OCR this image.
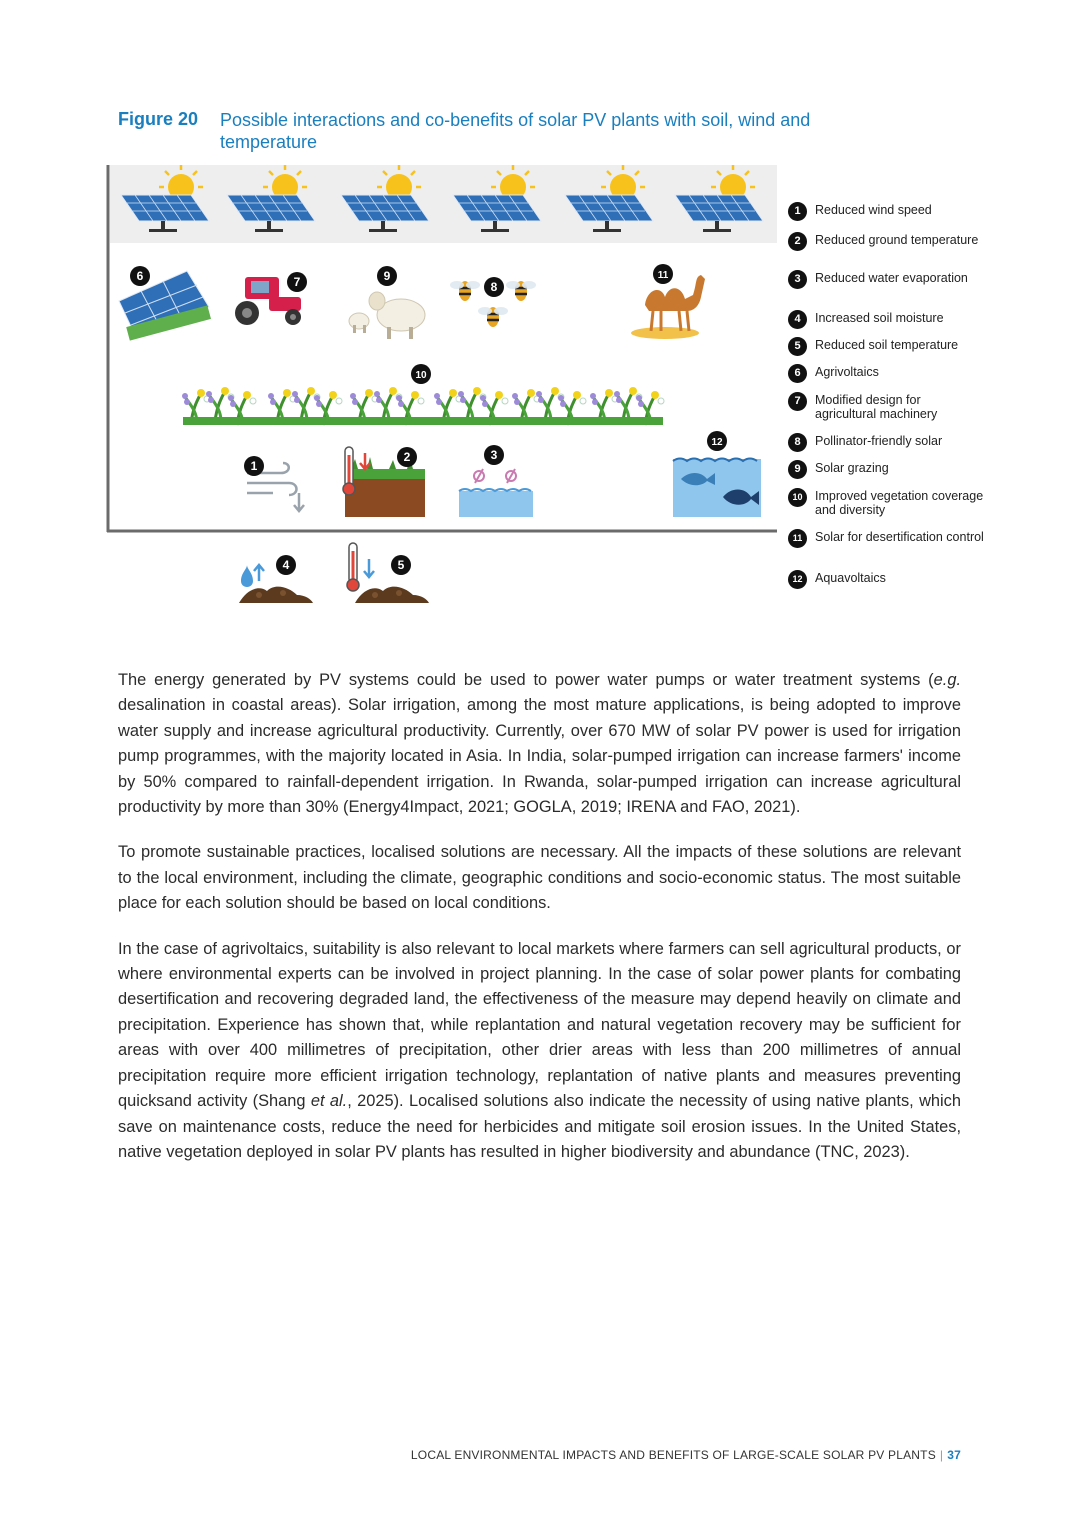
Figure 20 Possible interactions and co-benefits of solar PV plants with soil, wind and temperature
6	7	9
8
11
10
12
1
2	3
4	5
1	Reduced wind speed
2	Reduced ground temperature
3	Reduced water evaporation
4	Increased soil moisture
5	Reduced soil temperature
6	Agrivoltaics
7	Modified design for agricultural machinery
8	Pollinator-friendly solar
9	Solar grazing
10	Improved vegetation coverage and diversity
11	Solar for desertification control
12	Aquavoltaics

The energy generated by PV systems could be used to power water pumps or water treatment systems (e.g. desalination in coastal areas). Solar irrigation, among the most mature applications, is being adopted to improve water supply and increase agricultural productivity. Currently, over 670 MW of solar PV power is used for irrigation pump programmes, with the majority located in Asia. In India, solar-pumped irrigation can increase farmers' income by 50% compared to rainfall-dependent irrigation. In Rwanda, solar-pumped irrigation can increase agricultural productivity by more than 30% (Energy4Impact, 2021; GOGLA, 2019; IRENA and FAO, 2021).

To promote sustainable practices, localised solutions are necessary. All the impacts of these solutions are relevant to the local environment, including the climate, geographic conditions and socio-economic status. The most suitable place for each solution should be based on local conditions.

In the case of agrivoltaics, suitability is also relevant to local markets where farmers can sell agricultural products, or where environmental experts can be involved in project planning. In the case of solar power plants for combating desertification and recovering degraded land, the effectiveness of the measure may depend heavily on climate and precipitation. Experience has shown that, while replantation and natural vegetation recovery may be sufficient for areas with over 400 millimetres of precipitation, other drier areas with less than 200 millimetres of annual precipitation require more efficient irrigation technology, replantation of native plants and measures preventing quicksand activity (Shang et al., 2025). Localised solutions also indicate the necessity of using native plants, which save on maintenance costs, reduce the need for herbicides and mitigate soil erosion issues. In the United States, native vegetation deployed in solar PV plants has resulted in higher biodiversity and abundance (TNC, 2023).

LOCAL ENVIRONMENTAL IMPACTS AND BENEFITS OF LARGE-SCALE SOLAR PV PLANTS | 37
